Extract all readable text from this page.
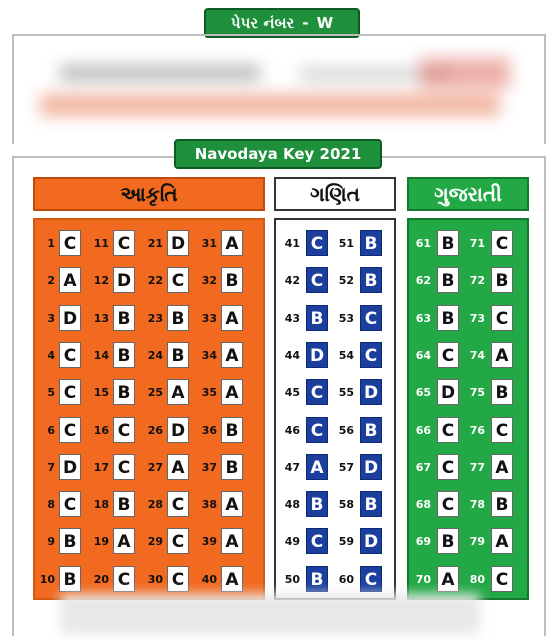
પેપર નંબર - W
Navodaya Key 2021
આકૃતિ	ગણિત	ગુજરાતી
1 C
2 A
3 D
4 C
5 C
6 C
7 D
8 C
9 B
10 B
11 C
12 D
13 B
14 B
15 B
16 C
17 C
18 B
19 A
20 C
21 D
22 C
23 B
24 B
25 A
26 D
27 A
28 C
29 C
30 C
31 A
32 B
33 A
34 A
35 A
36 B
37 B
38 A
39 A
40 A
41 C
42 C
43 B
44 D
45 C
46 C
47 A
48 B
49 C
50 B
51 B
52 B
53 C
54 C
55 D
56 B
57 D
58 B
59 D
60 C
61 B
62 B
63 B
64 C
65 D
66 C
67 C
68 C
69 B
70 A
71 C
72 B
73 C
74 A
75 B
76 C
77 A
78 B
79 A
80 C
